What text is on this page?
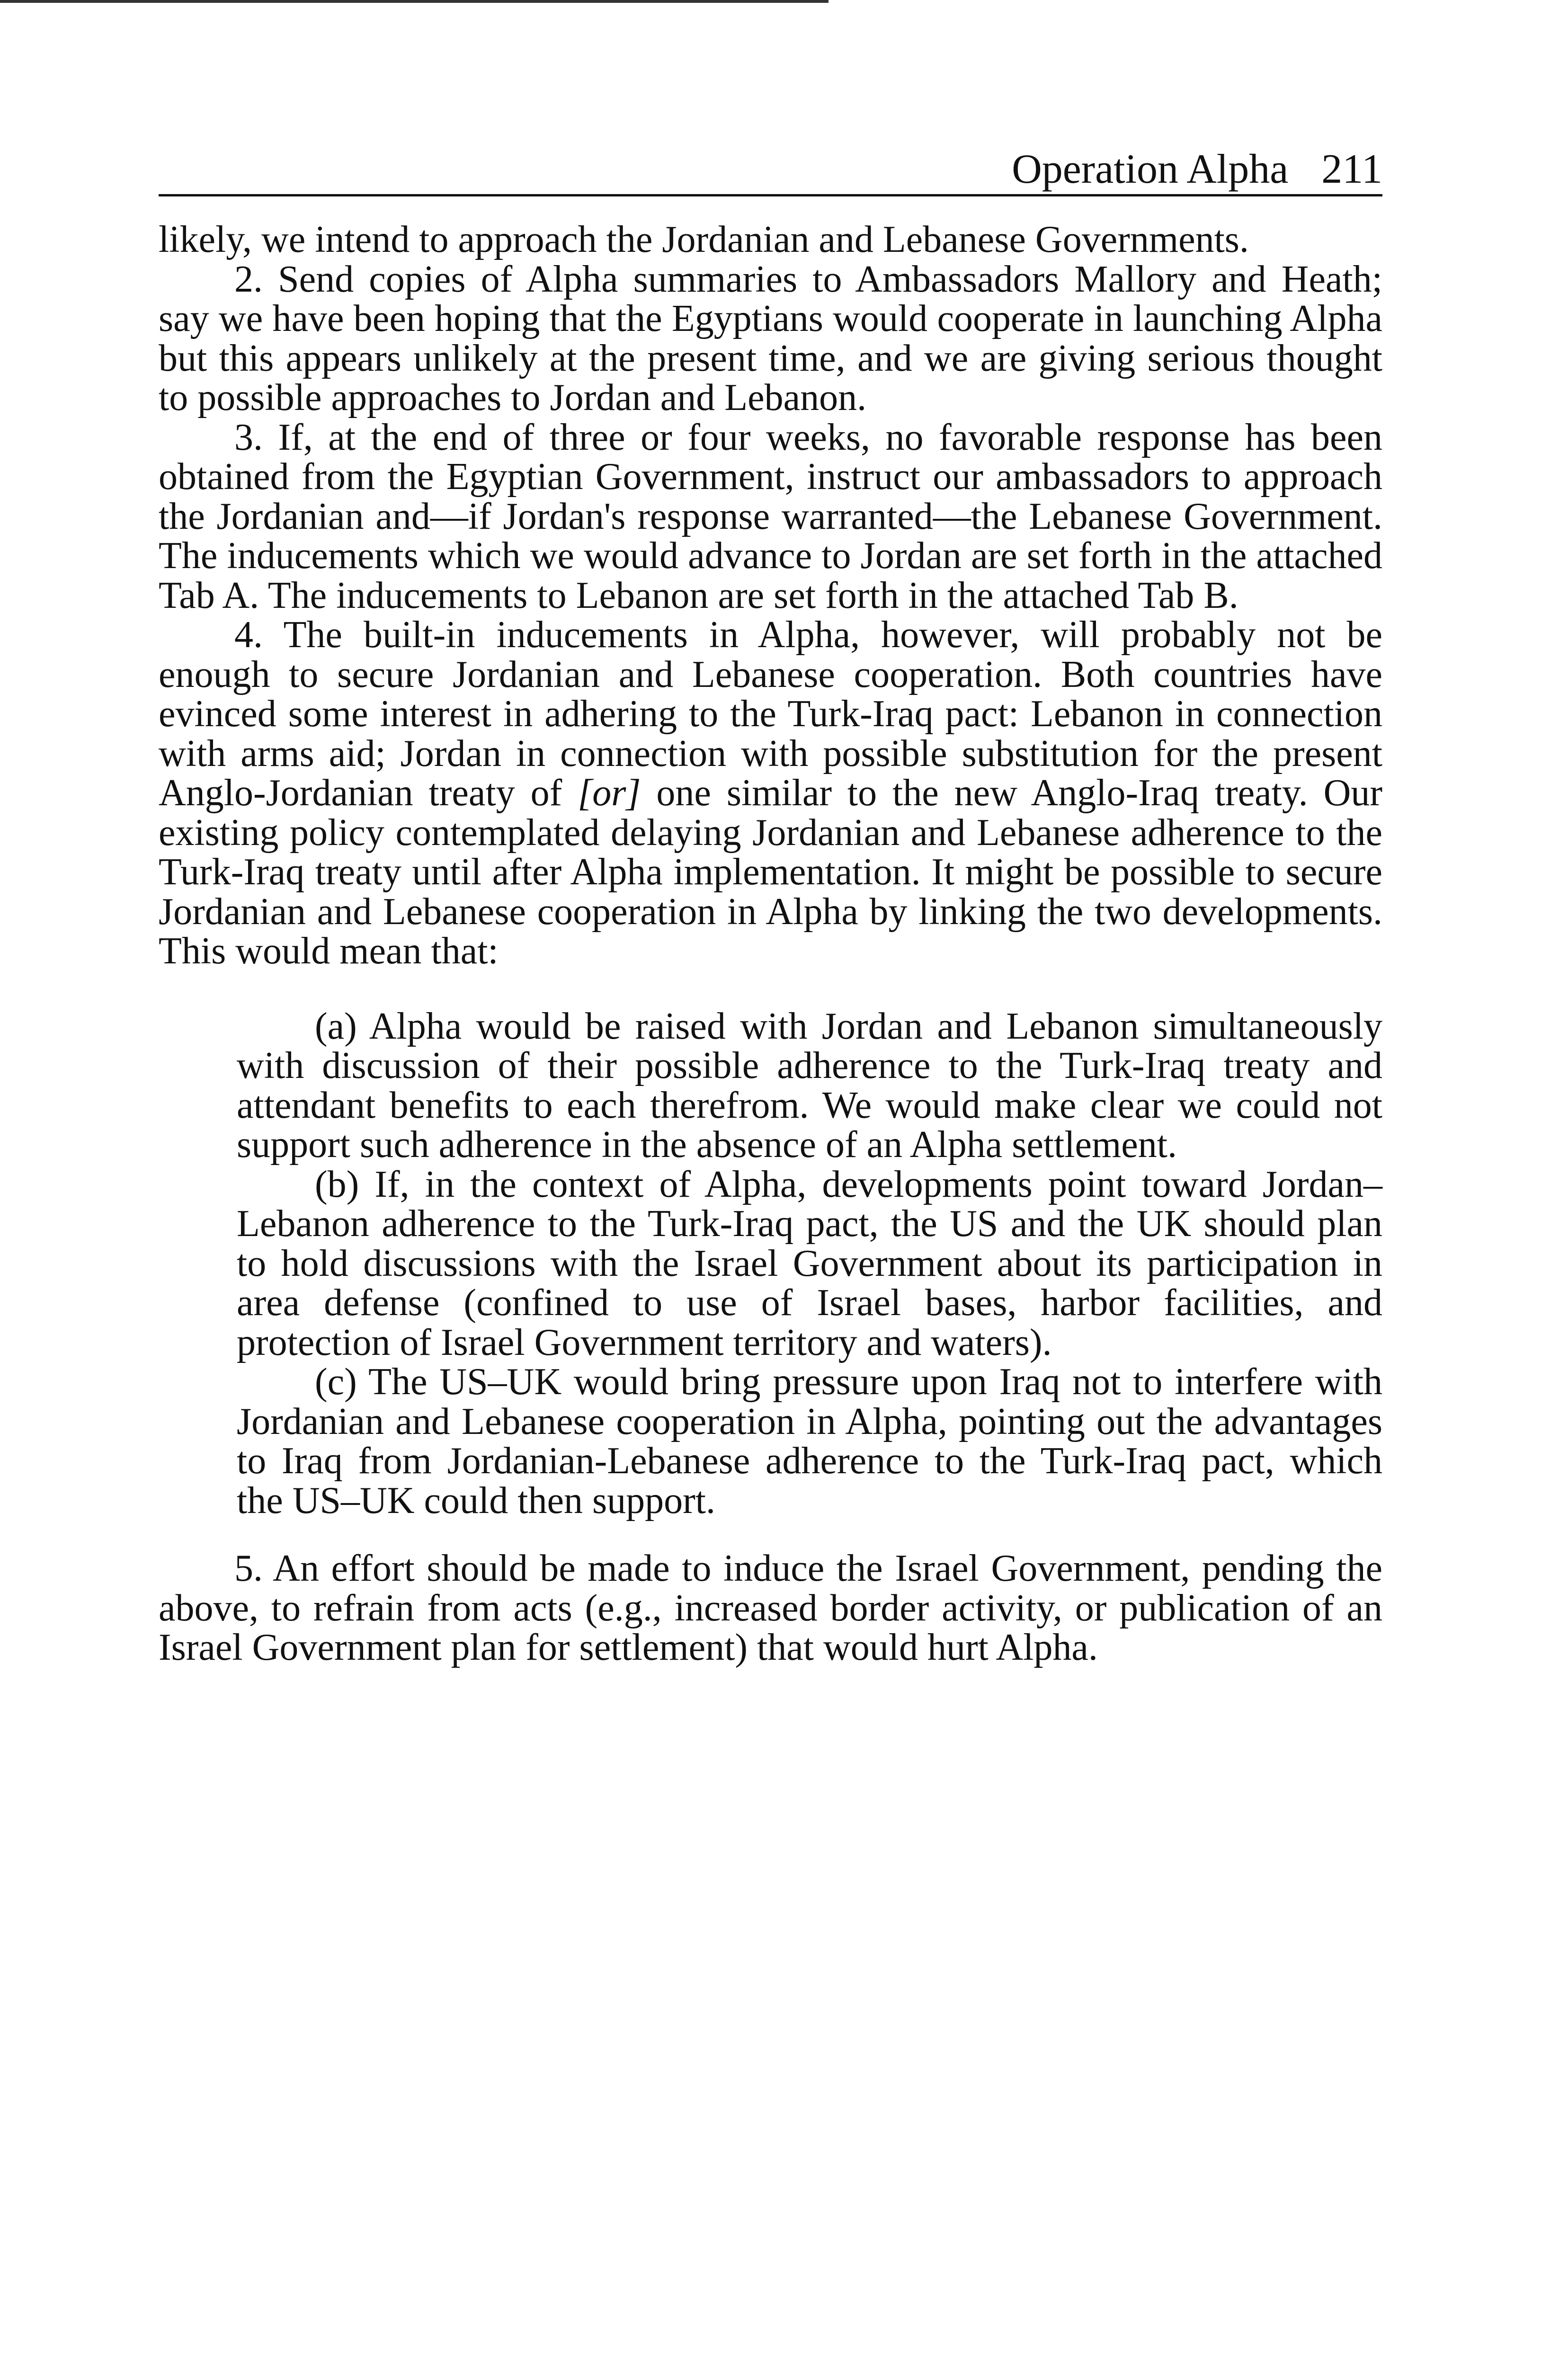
Operation Alpha 211

likely, we intend to approach the Jordanian and Lebanese Governments.

2. Send copies of Alpha summaries to Ambassadors Mallory and Heath; say we have been hoping that the Egyptians would cooperate in launching Alpha but this appears unlikely at the present time, and we are giving serious thought to possible approaches to Jordan and Lebanon.

3. If, at the end of three or four weeks, no favorable response has been obtained from the Egyptian Government, instruct our ambassadors to approach the Jordanian and—if Jordan's response warranted—the Lebanese Government. The inducements which we would advance to Jordan are set forth in the attached Tab A. The inducements to Lebanon are set forth in the attached Tab B.

4. The built-in inducements in Alpha, however, will probably not be enough to secure Jordanian and Lebanese cooperation. Both countries have evinced some interest in adhering to the Turk-Iraq pact: Lebanon in connection with arms aid; Jordan in connection with possible substitution for the present Anglo-Jordanian treaty of [or] one similar to the new Anglo-Iraq treaty. Our existing policy contemplated delaying Jordanian and Lebanese adherence to the Turk-Iraq treaty until after Alpha implementation. It might be possible to secure Jordanian and Lebanese cooperation in Alpha by linking the two developments. This would mean that:

(a) Alpha would be raised with Jordan and Lebanon simultaneously with discussion of their possible adherence to the Turk-Iraq treaty and attendant benefits to each therefrom. We would make clear we could not support such adherence in the absence of an Alpha settlement.

(b) If, in the context of Alpha, developments point toward Jordan–Lebanon adherence to the Turk-Iraq pact, the US and the UK should plan to hold discussions with the Israel Government about its participation in area defense (confined to use of Israel bases, harbor facilities, and protection of Israel Government territory and waters).

(c) The US–UK would bring pressure upon Iraq not to interfere with Jordanian and Lebanese cooperation in Alpha, pointing out the advantages to Iraq from Jordanian-Lebanese adherence to the Turk-Iraq pact, which the US–UK could then support.

5. An effort should be made to induce the Israel Government, pending the above, to refrain from acts (e.g., increased border activity, or publication of an Israel Government plan for settlement) that would hurt Alpha.
